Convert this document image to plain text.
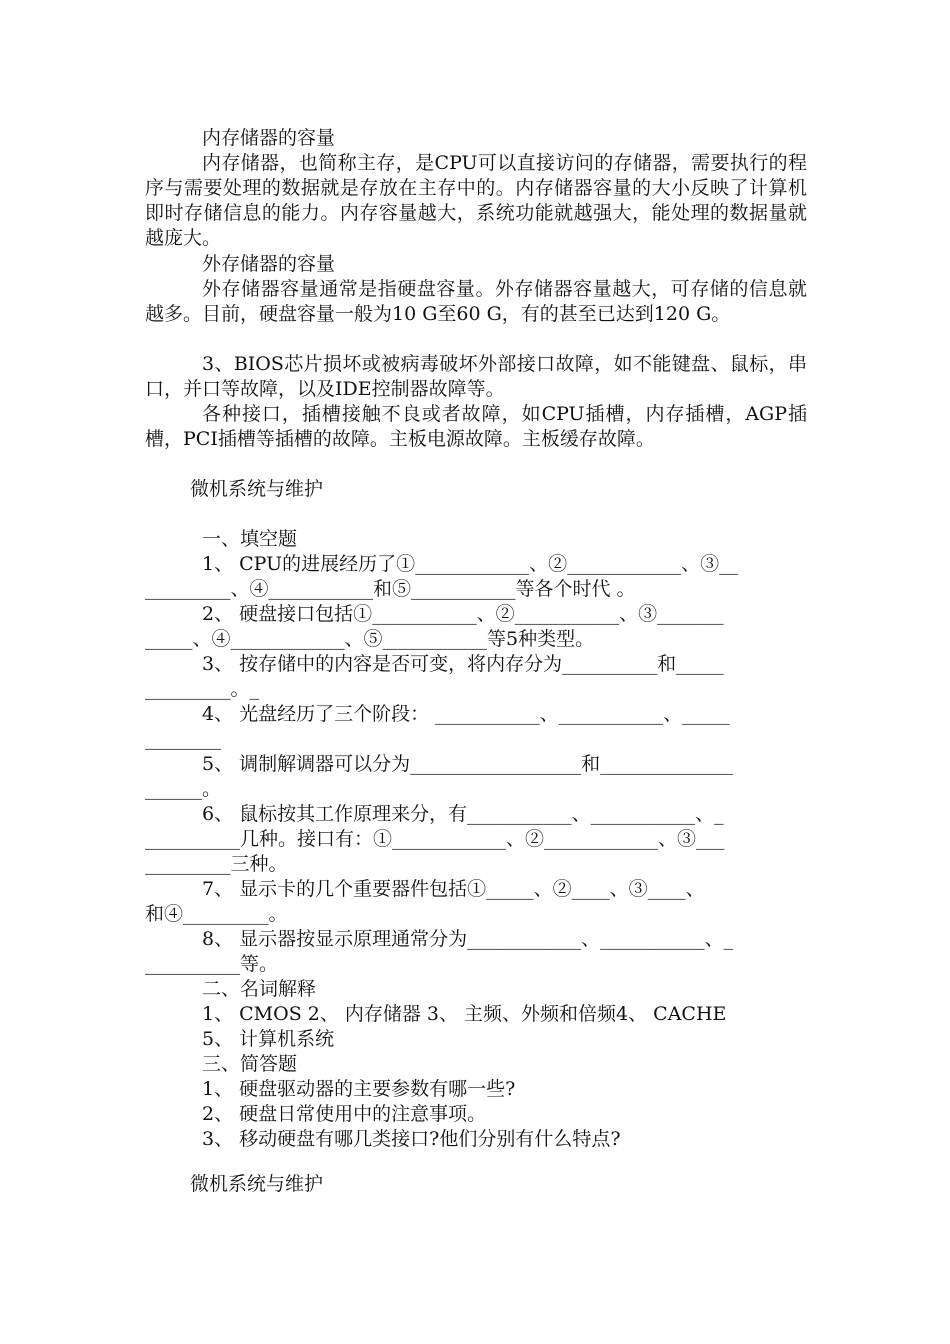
内存储器的容量

内存储器，也简称主存，是CPU可以直接访问的存储器，需要执行的程序与需要处理的数据就是存放在主存中的。内存储器容量的大小反映了计算机即时存储信息的能力。内存容量越大，系统功能就越强大，能处理的数据量就越庞大。

外存储器的容量

外存储器容量通常是指硬盘容量。外存储器容量越大，可存储的信息就越多。目前，硬盘容量一般为10 G至60 G，有的甚至已达到120 G。

3、BIOS芯片损坏或被病毒破坏外部接口故障，如不能键盘、鼠标，串口，并口等故障，以及IDE控制器故障等。

各种接口，插槽接触不良或者故障，如CPU插槽，内存插槽，AGP插槽，PCI插槽等插槽的故障。主板电源故障。主板缓存故障。

微机系统与维护
一、填空题
1、 CPU的进展经历了①____________、②____________、③__
_________、④___________和⑤___________等各个时代 。
2、 硬盘接口包括①___________、②___________、③_______
_____、④____________、⑤___________等5种类型。
3、 按存储中的内容是否可变，将内存分为__________和_____
_________。_
4、 光盘经历了三个阶段： ___________、___________、_____
________
5、 调制解调器可以分为__________________和______________
______。
6、 鼠标按其工作原理来分，有___________、___________、_
__________几种。接口有：①____________、②____________、③___
_________三种。
7、 显示卡的几个重要器件包括①_____、②____、③____、
和④_________。
8、 显示器按显示原理通常分为____________、___________、_
__________等。
二、名词解释
1、 CMOS 2、 内存储器 3、 主频、外频和倍频4、 CACHE
5、 计算机系统
三、简答题
1、 硬盘驱动器的主要参数有哪一些?
2、 硬盘日常使用中的注意事项。
3、 移动硬盘有哪几类接口?他们分别有什么特点?
微机系统与维护
